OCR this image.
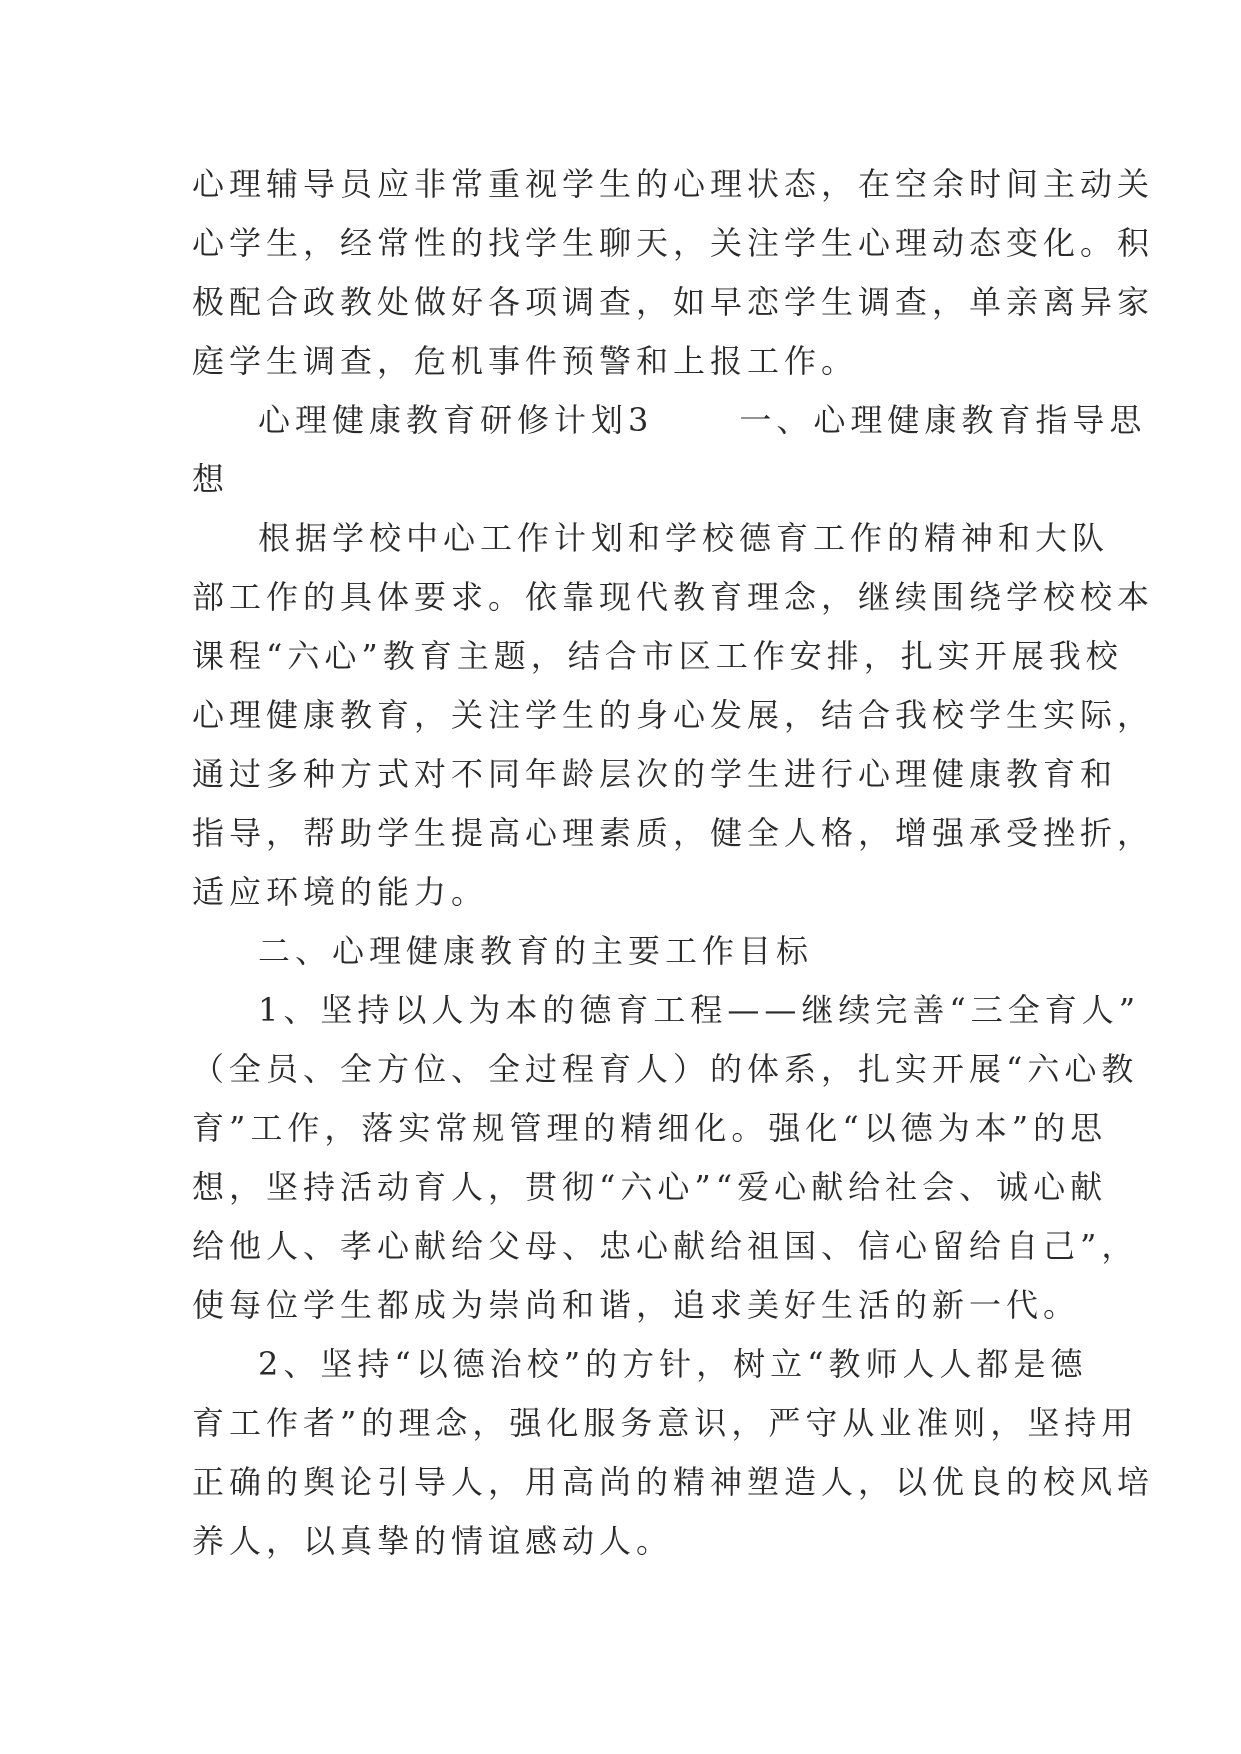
心理辅导员应非常重视学生的心理状态，在空余时间主动关
心学生，经常性的找学生聊天，关注学生心理动态变化。积
极配合政教处做好各项调查，如早恋学生调查，单亲离异家
庭学生调查，危机事件预警和上报工作。
心理健康教育研修计划3	一、心理健康教育指导思
想
根据学校中心工作计划和学校德育工作的精神和大队
部工作的具体要求。依靠现代教育理念，继续围绕学校校本
课程“六心”教育主题，结合市区工作安排，扎实开展我校
心理健康教育，关注学生的身心发展，结合我校学生实际，
通过多种方式对不同年龄层次的学生进行心理健康教育和
指导，帮助学生提高心理素质，健全人格，增强承受挫折，
适应环境的能力。
二、心理健康教育的主要工作目标
1、坚持以人为本的德育工程——继续完善“三全育人”
（全员、全方位、全过程育人）的体系，扎实开展“六心教
育”工作，落实常规管理的精细化。强化“以德为本”的思
想，坚持活动育人，贯彻“六心”“爱心献给社会、诚心献
给他人、孝心献给父母、忠心献给祖国、信心留给自己”，
使每位学生都成为崇尚和谐，追求美好生活的新一代。
2、坚持“以德治校”的方针，树立“教师人人都是德
育工作者”的理念，强化服务意识，严守从业准则，坚持用
正确的舆论引导人，用高尚的精神塑造人，以优良的校风培
养人，以真挚的情谊感动人。
